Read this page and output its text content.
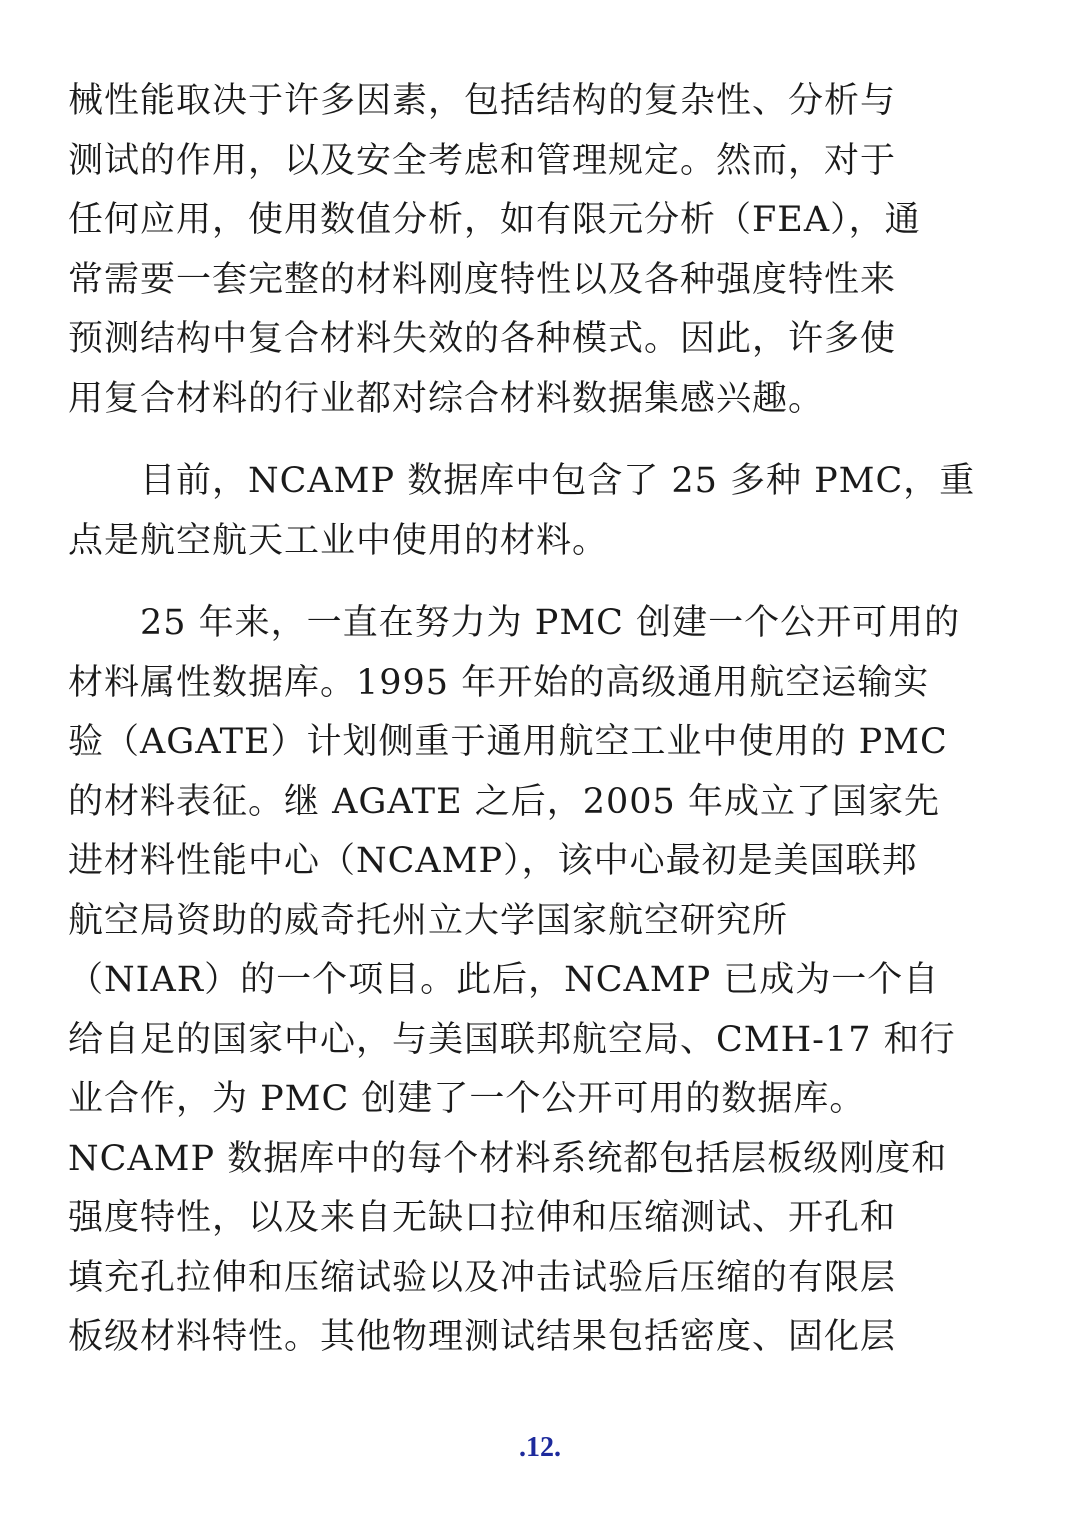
械性能取决于许多因素，包括结构的复杂性、分析与
测试的作用，以及安全考虑和管理规定。然而，对于
任何应用，使用数值分析，如有限元分析（FEA），通
常需要一套完整的材料刚度特性以及各种强度特性来
预测结构中复合材料失效的各种模式。因此，许多使
用复合材料的行业都对综合材料数据集感兴趣。
　　目前，NCAMP 数据库中包含了 25 多种 PMC，重
点是航空航天工业中使用的材料。
　　25 年来，一直在努力为 PMC 创建一个公开可用的
材料属性数据库。1995 年开始的高级通用航空运输实
验（AGATE）计划侧重于通用航空工业中使用的 PMC
的材料表征。继 AGATE 之后，2005 年成立了国家先
进材料性能中心（NCAMP），该中心最初是美国联邦
航空局资助的威奇托州立大学国家航空研究所
（NIAR）的一个项目。此后，NCAMP 已成为一个自
给自足的国家中心，与美国联邦航空局、CMH-17 和行
业合作，为 PMC 创建了一个公开可用的数据库。
NCAMP 数据库中的每个材料系统都包括层板级刚度和
强度特性，以及来自无缺口拉伸和压缩测试、开孔和
填充孔拉伸和压缩试验以及冲击试验后压缩的有限层
板级材料特性。其他物理测试结果包括密度、固化层
.12.
